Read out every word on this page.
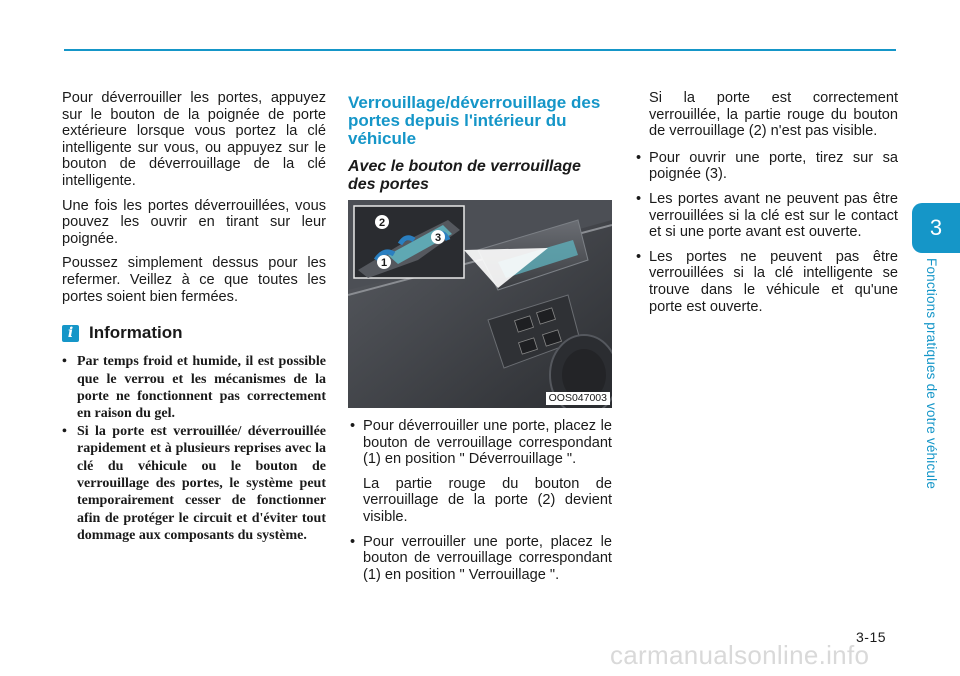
Pour déverrouiller les portes, appuyez sur le bouton de la poignée de porte extérieure lorsque vous portez la clé intelligente sur vous, ou appuyez sur le bouton de déverrouillage de la clé intelligente.

Une fois les portes déverrouillées, vous pouvez les ouvrir en tirant sur leur poignée.

Poussez simplement dessus pour les refermer. Veillez à ce que toutes les portes soient bien fermées.

i Information
• Par temps froid et humide, il est possible que le verrou et les mécanismes de la porte ne fonctionnent pas correctement en raison du gel.
• Si la porte est verrouillée/ déverrouillée rapidement et à plusieurs reprises avec la clé du véhicule ou le bouton de verrouillage des portes, le système peut temporairement cesser de fonctionner afin de protéger le circuit et d'éviter tout dommage aux composants du système.
Verrouillage/déverrouillage des portes depuis l'intérieur du véhicule
Avec le bouton de verrouillage des portes
2
1
3
OOS047003
• Pour déverrouiller une porte, placez le bouton de verrouillage correspondant (1) en position " Déverrouillage ".

La partie rouge du bouton de verrouillage de la porte (2) devient visible.

• Pour verrouiller une porte, placez le bouton de verrouillage correspondant (1) en position " Verrouillage ".

Si la porte est correctement verrouillée, la partie rouge du bouton de verrouillage (2) n'est pas visible.

• Pour ouvrir une porte, tirez sur sa poignée (3).
• Les portes avant ne peuvent pas être verrouillées si la clé est sur le contact et si une porte avant est ouverte.
• Les portes ne peuvent pas être verrouillées si la clé intelligente se trouve dans le véhicule et qu'une porte est ouverte.
3
Fonctions pratiques de votre véhicule
3-15
carmanualsonline.info
